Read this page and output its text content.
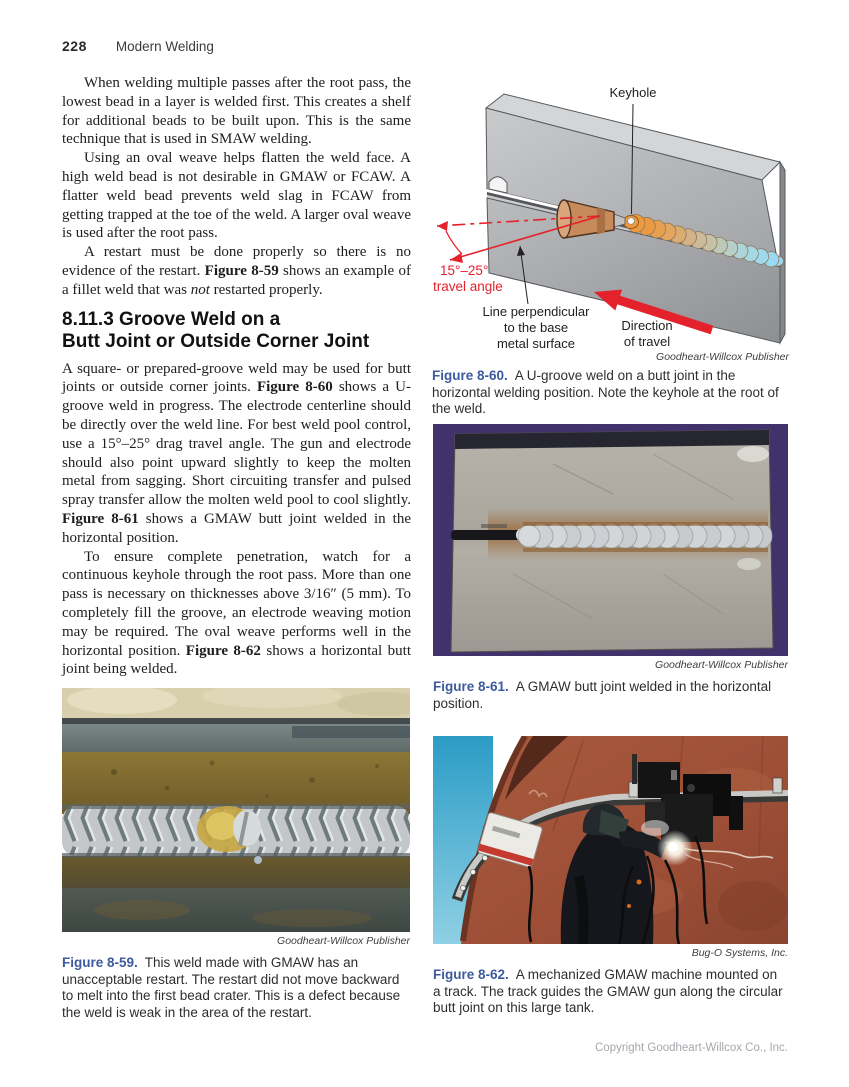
228 Modern Welding

When welding multiple passes after the root pass, the lowest bead in a layer is welded first. This creates a shelf for additional beads to be built upon. This is the same technique that is used in SMAW welding.

Using an oval weave helps flatten the weld face. A high weld bead is not desirable in GMAW or FCAW. A flatter weld bead prevents weld slag in FCAW from getting trapped at the toe of the weld. A larger oval weave is used after the root pass.

A restart must be done properly so there is no evidence of the restart. Figure 8-59 shows an example of a fillet weld that was not restarted properly.

8.11.3 Groove Weld on a
Butt Joint or Outside Corner Joint

A square- or prepared-groove weld may be used for butt joints or outside corner joints. Figure 8-60 shows a U-groove weld in progress. The electrode centerline should be directly over the weld line. For best weld pool control, use a 15°–25° drag travel angle. The gun and electrode should also point upward slightly to keep the molten metal from sagging. Short circuiting transfer and pulsed spray transfer allow the molten weld pool to cool slightly. Figure 8-61 shows a GMAW butt joint welded in the horizontal position.

To ensure complete penetration, watch for a continuous keyhole through the root pass. More than one pass is necessary on thicknesses above 3/16″ (5 mm). To completely fill the groove, an electrode weaving motion may be required. The oval weave performs well in the horizontal position. Figure 8-62 shows a horizontal butt joint being welded.

Goodheart-Willcox Publisher

Figure 8-59. This weld made with GMAW has an unacceptable restart. The restart did not move backward to melt into the first bead crater. This is a defect because the weld is weak in the area of the restart.

Keyhole
15°–25°
travel angle
Line perpendicular
to the base
metal surface
Direction
of travel
Goodheart-Willcox Publisher

Figure 8-60. A U-groove weld on a butt joint in the horizontal welding position. Note the keyhole at the root of the weld.

Goodheart-Willcox Publisher

Figure 8-61. A GMAW butt joint welded in the horizontal position.

Bug-O Systems, Inc.

Figure 8-62. A mechanized GMAW machine mounted on a track. The track guides the GMAW gun along the circular butt joint on this large tank.

Copyright Goodheart-Willcox Co., Inc.
